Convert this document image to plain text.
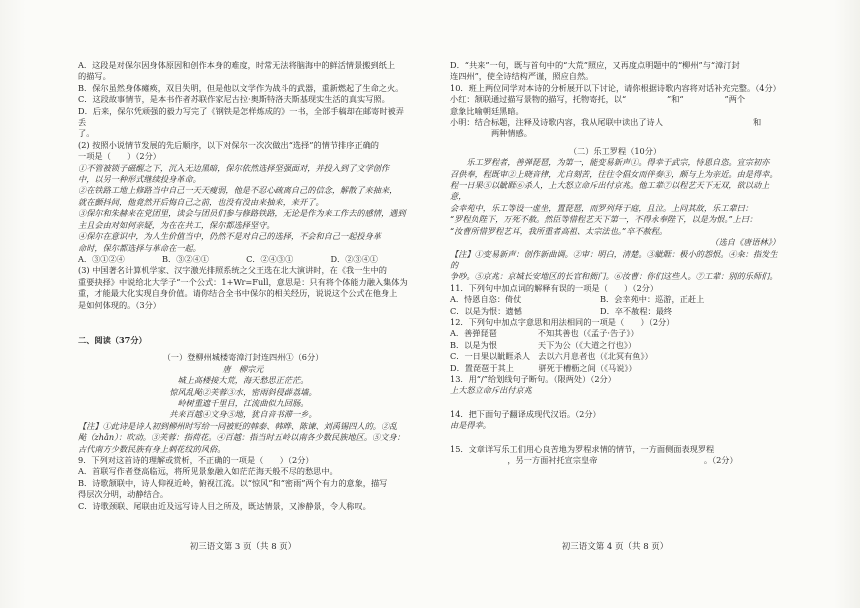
A．这段是对保尔因身体原因和创作本身的难度，时常无法将脑海中的鲜活情景搬到纸上

的描写。

B．保尔虽然身体瘫痪，双目失明，但是他以文学作为战斗的武器，重新燃起了生命之火。

C．这段故事情节，是本书作者苏联作家尼古拉·奥斯特洛夫斯基现实生活的真实写照。

D．后来，保尔凭顽强的毅力写完了《钢铁是怎样炼成的》一书，全部手稿却在邮寄时被弄丢

了。

(2) 按照小说情节发展的先后顺序，以下对保尔一次次做出“选择”的情节排序正确的

一项是（　　）（2分）

①不管被锁子磁醒之下，沉入无边黑暗，保尔依然选择坚强面对，并投入到了文学创作

中，以另一种形式继续投身革命。

②在铁路工地上修路当中自己一天天瘦弱，他是不忍心疏离自己的信念，解散了来抽来，

就在颤抖间，他竟然开后悔自己之前，也没有没由来抽来，来开了。

③保尔和朱赫来在党团里，读会与团员们参与修路铁路，无论是作为来工作去的感情，遇到

主且会由对如何亲疑，为在在共工，保尔都选择坚守。

④保尔在意识中，为人生价值当中，仍然不是对自己的选择，不会和自己一起投身革

命时，保尔都选择与革命在一起。

A．③①②④	B．③②④①	C．②④③①	D．②③④①

(3) 中国著名计算机学家、汉字激光排照系统之父王选在北大演讲时，在《我一生中的

重要抉择》中说给北大学子“一个公式：1+Wr=Full，意思是：只有将个体能力融入集体为

重，才能最大化实现自身价值。请你结合全书中保尔的相关经历，说说这个公式在他身上

是如何体现的。（3分）

二、阅读（37分）

（一）登柳州城楼寄漳汀封连四州①（6分）

唐　柳宗元

城上高楼接大荒，海天愁思正茫茫。

惊风乱飐②芙蓉③水，密雨斜侵薜荔墙。

岭树重遮千里目，江流曲似九回肠。

共来百越④文身⑤地，犹自音书滞一乡。

【注】①此诗是诗人初到柳州时写给一同被贬的韩泰、韩晔、陈谏、刘禹锡四人的。②乱

飐（zhǎn）：吹动。③芙蓉：指荷花。④百越：指当时五岭以南各少数民族地区。⑤文身：

古代南方少数民族有身上刺花纹的风俗。

9．下列对这首诗的理解或赏析，不正确的一项是（　　）（2分）

A．首联写作者登高临远，将所见景象融入如茫茫海天般不尽的愁思中。

B．诗歌颔联中，诗人仰视近岭，俯视江流。以“惊风”和“密雨”两个有力的意象，描写

得层次分明，动静结合。

C．诗歌颈联、尾联由近及远写诗人目之所及，既达情景，又渗静景，令人称叹。

初三语文第 3 页（共 8 页）

D．“共来”一句，既与首句中的“大荒”照应，又再度点明题中的“柳州”与“漳汀封

连四州”，使全诗结构严谨，照应自然。

10．班上两位同学对本诗的分析展开以下讨论，请你根据诗歌内容将对话补充完整。（4分）

小红：颔联通过描写景物的描写，托物寄托，以“　　　　　”和“　　　　　”两个

意象比喻朝廷黑暗。

小明：结合标题，注释及诗歌内容，我从尾联中读出了诗人　　　　　　　　　　　和

　　　　　两种情感。

（二）乐工罗程（10分）

　　乐工罗程者，善弹琵琶，为第一，能变易新声①。得幸于武宗，恃恩自恣。宣宗初亦

召供奉，程既审②上晓音律，尤自刻苦，往往令倡女而伴奏③，颇与上为亲近。由是得幸。

程一日果⑤以眦睚⑥杀人，上大怒立命斥出付京兆。他工辈⑦以程艺天下无双，欲以动上意，

会幸苑中，乐工等设一虚坐，置琵琶，而罗列拜于庭，且泣。上问其故，乐工辈曰：

“罗程负陛下，万死不赦。然臣等惜程艺天下第一，不得永奉陛下，以是为恨。”上曰：

“汝曹所惜罗程艺耳，我所重者高祖、太宗法也。”卒不赦程。

（选自《唐语林》）

【注】①变易新声：创作新曲调。②审：明白，清楚。③眦睚：极小的怨恨。④籴：指发生的

争吵。⑤京兆：京城长安地区的长官和衙门。⑥汝曹：你们这些人。⑦工辈：别的乐师们。

11．下列句中加点词的解释有误的一项是（　　）（2分）

A．恃恩自恣：倚仗	B．会幸苑中：巡游，正赶上
C．以是为恨：遗憾	D．卒不赦程：最终

12．下列句中加点字意思和用法相同的一项是（　　）（2分）

A．善弹琵琶　　　　　不知其善也（《孟子·告子》）

B．以是为恨　　　　　天下为公（《大道之行也》）

C．一日果以眦睚杀人　去以六月息者也（《北冥有鱼》）

D．置琵琶于其上　　　骈死于槽枥之间（《马说》）

13．用“/”给划线句子断句。（限两处）（2分）

上大怒立命斥出付京兆

14．把下面句子翻译成现代汉语。（2分）

由是得幸。

15．文章详写乐工们用心良苦地为罗程求情的情节，一方面侧面表现罗程

　　　　　　　，另一方面衬托宣宗皇帝　　　　　　　　　　　　　。（2分）

初三语文第 4 页（共 8 页）
